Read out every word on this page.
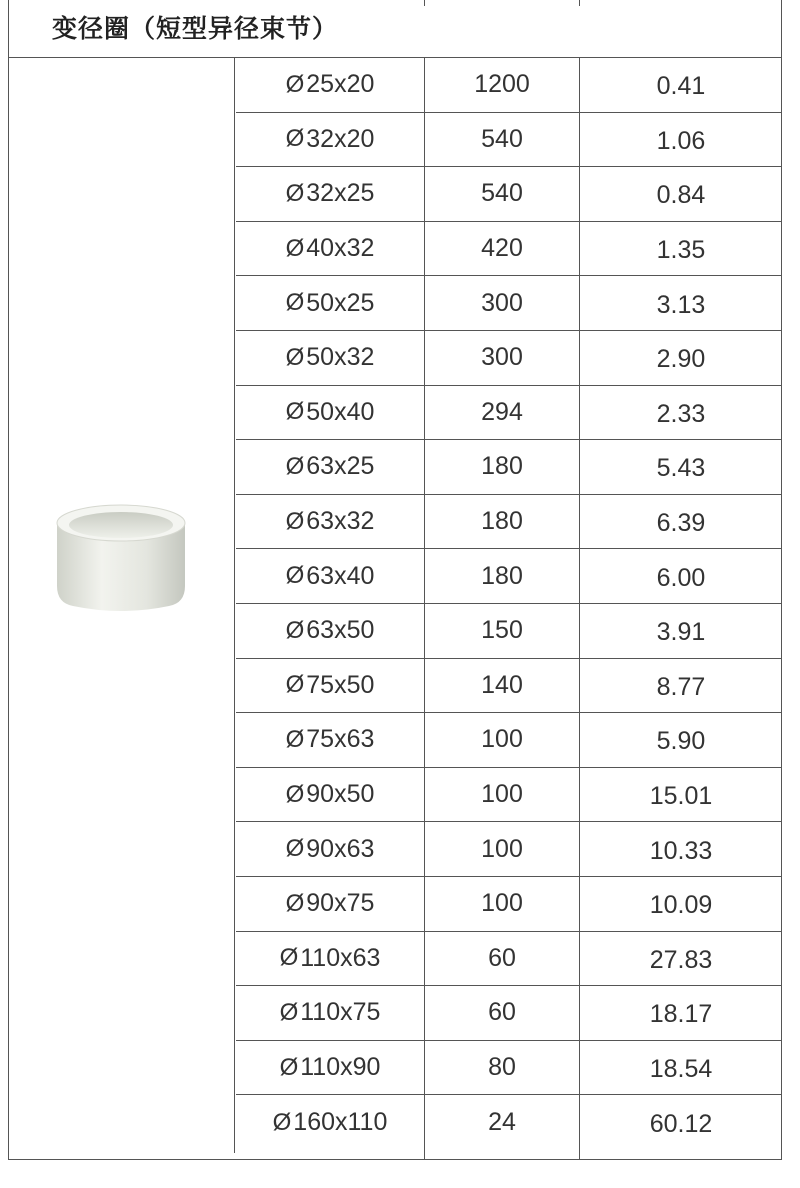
变径圈（短型异径束节）
Ø 25x20	1200	0.41
Ø 32x20	540	1.06
Ø 32x25	540	0.84
Ø 40x32	420	1.35
Ø 50x25	300	3.13
Ø 50x32	300	2.90
Ø 50x40	294	2.33
Ø 63x25	180	5.43
Ø 63x32	180	6.39
Ø 63x40	180	6.00
Ø 63x50	150	3.91
Ø 75x50	140	8.77
Ø 75x63	100	5.90
Ø 90x50	100	15.01
Ø 90x63	100	10.33
Ø 90x75	100	10.09
Ø 110x63	60	27.83
Ø 110x75	60	18.17
Ø 110x90	80	18.54
Ø 160x110	24	60.12
